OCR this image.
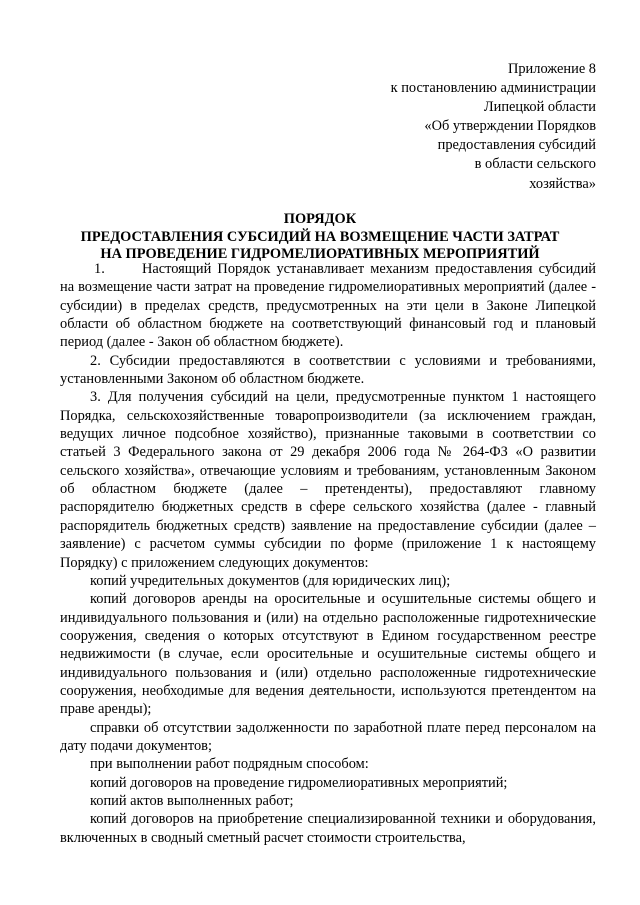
Приложение 8
к постановлению администрации
Липецкой области
«Об утверждении Порядков
предоставления субсидий
в области сельского
хозяйства»
ПОРЯДОК
ПРЕДОСТАВЛЕНИЯ СУБСИДИЙ НА ВОЗМЕЩЕНИЕ ЧАСТИ ЗАТРАТ
НА ПРОВЕДЕНИЕ ГИДРОМЕЛИОРАТИВНЫХ МЕРОПРИЯТИЙ

1.	Настоящий Порядок устанавливает механизм предоставления субсидий на возмещение части затрат на проведение гидромелиоративных мероприятий (далее - субсидии) в пределах средств, предусмотренных на эти цели в Законе Липецкой области об областном бюджете на соответствующий финансовый год и плановый период (далее - Закон об областном бюджете).

2. Субсидии предоставляются в соответствии с условиями и требованиями, установленными Законом об областном бюджете.

3. Для получения субсидий на цели, предусмотренные пунктом 1 настоящего Порядка, сельскохозяйственные товаропроизводители (за исключением граждан, ведущих личное подсобное хозяйство), признанные таковыми в соответствии со статьей 3 Федерального закона от 29 декабря 2006 года № 264-ФЗ «О развитии сельского хозяйства», отвечающие условиям и требованиям, установленным Законом об областном бюджете (далее – претенденты), предоставляют главному распорядителю бюджетных средств в сфере сельского хозяйства (далее - главный распорядитель бюджетных средств) заявление на предоставление субсидии (далее – заявление) с расчетом суммы субсидии по форме (приложение 1 к настоящему Порядку) с приложением следующих документов:

копий учредительных документов (для юридических лиц);

копий договоров аренды на оросительные и осушительные системы общего и индивидуального пользования и (или) на отдельно расположенные гидротехнические сооружения, сведения о которых отсутствуют в Едином государственном реестре недвижимости (в случае, если оросительные и осушительные системы общего и индивидуального пользования и (или) отдельно расположенные гидротехнические сооружения, необходимые для ведения деятельности, используются претендентом на праве аренды);

справки об отсутствии задолженности по заработной плате перед персоналом на дату подачи документов;

при выполнении работ подрядным способом:

копий договоров на проведение гидромелиоративных мероприятий;

копий актов выполненных работ;

копий договоров на приобретение специализированной техники и оборудования, включенных в сводный сметный расчет стоимости строительства,
